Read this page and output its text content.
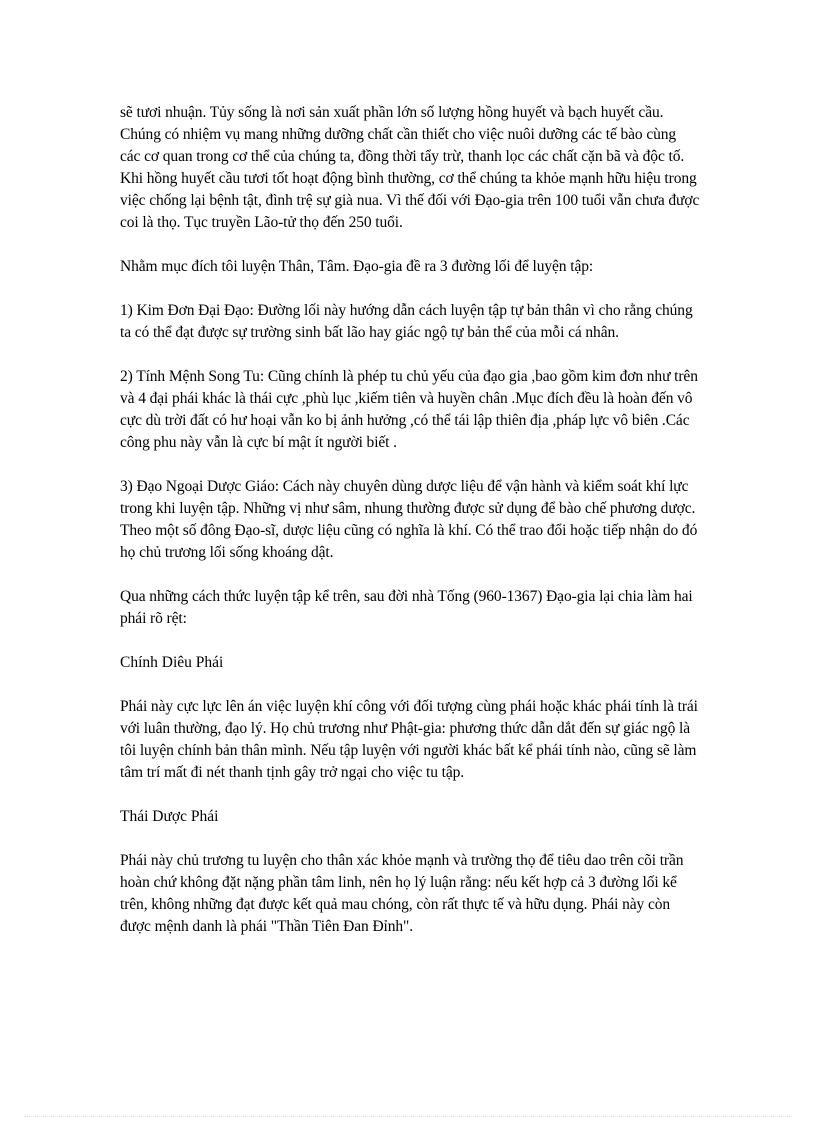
sẽ tươi nhuận. Tủy sống là nơi sản xuất phần lớn số lượng hồng huyết và bạch huyết cầu. Chúng có nhiệm vụ mang những dưỡng chất cần thiết cho việc nuôi dưỡng các tế bào cùng các cơ quan trong cơ thể của chúng ta, đồng thời tẩy trừ, thanh lọc các chất cặn bã và độc tố. Khi hồng huyết cầu tươi tốt hoạt động bình thường, cơ thể chúng ta khỏe mạnh hữu hiệu trong việc chống lại bệnh tật, đình trệ sự già nua. Vì thế đối với Đạo-gia trên 100 tuổi vẫn chưa được coi là thọ. Tục truyền Lão-tử thọ đến 250 tuổi.

Nhằm mục đích tôi luyện Thân, Tâm. Đạo-gia đề ra 3 đường lối để luyện tập:

1) Kim Đơn Đại Đạo: Đường lối này hướng dẫn cách luyện tập tự bản thân vì cho rằng chúng ta có thể đạt được sự trường sinh bất lão hay giác ngộ tự bản thể của mỗi cá nhân.

2) Tính Mệnh Song Tu: Cũng chính là phép tu chủ yếu của đạo gia ,bao gồm kim đơn như trên và 4 đại phái khác là thái cực ,phù lục ,kiếm tiên và huyền chân .Mục đích đều là hoàn đến vô cực dù trời đất có hư hoại vẫn ko bị ảnh hưởng ,có thể tái lập thiên địa ,pháp lực vô biên .Các công phu này vẫn là cực bí mật ít người biết .

3) Đạo Ngoại Dược Giáo: Cách này chuyên dùng dược liệu để vận hành và kiểm soát khí lực trong khi luyện tập. Những vị như sâm, nhung thường được sử dụng để bào chế phương dược. Theo một số đông Đạo-sĩ, dược liệu cũng có nghĩa là khí. Có thể trao đổi hoặc tiếp nhận do đó họ chủ trương lối sống khoáng dật.

Qua những cách thức luyện tập kể trên, sau đời nhà Tống (960-1367) Đạo-gia lại chia làm hai phái rõ rệt:

Chính Diêu Phái

Phái này cực lực lên án việc luyện khí công với đối tượng cùng phái hoặc khác phái tính là trái với luân thường, đạo lý. Họ chủ trương như Phật-gia: phương thức dẫn dắt đến sự giác ngộ là tôi luyện chính bản thân mình. Nếu tập luyện với người khác bất kể phái tính nào, cũng sẽ làm tâm trí mất đi nét thanh tịnh gây trở ngại cho việc tu tập.

Thái Dược Phái

Phái này chủ trương tu luyện cho thân xác khỏe mạnh và trường thọ để tiêu dao trên cõi trần hoàn chứ không đặt nặng phần tâm linh, nên họ lý luận rằng: nếu kết hợp cả 3 đường lối kể trên, không những đạt được kết quả mau chóng, còn rất thực tế và hữu dụng. Phái này còn được mệnh danh là phái "Thần Tiên Đan Đỉnh".
